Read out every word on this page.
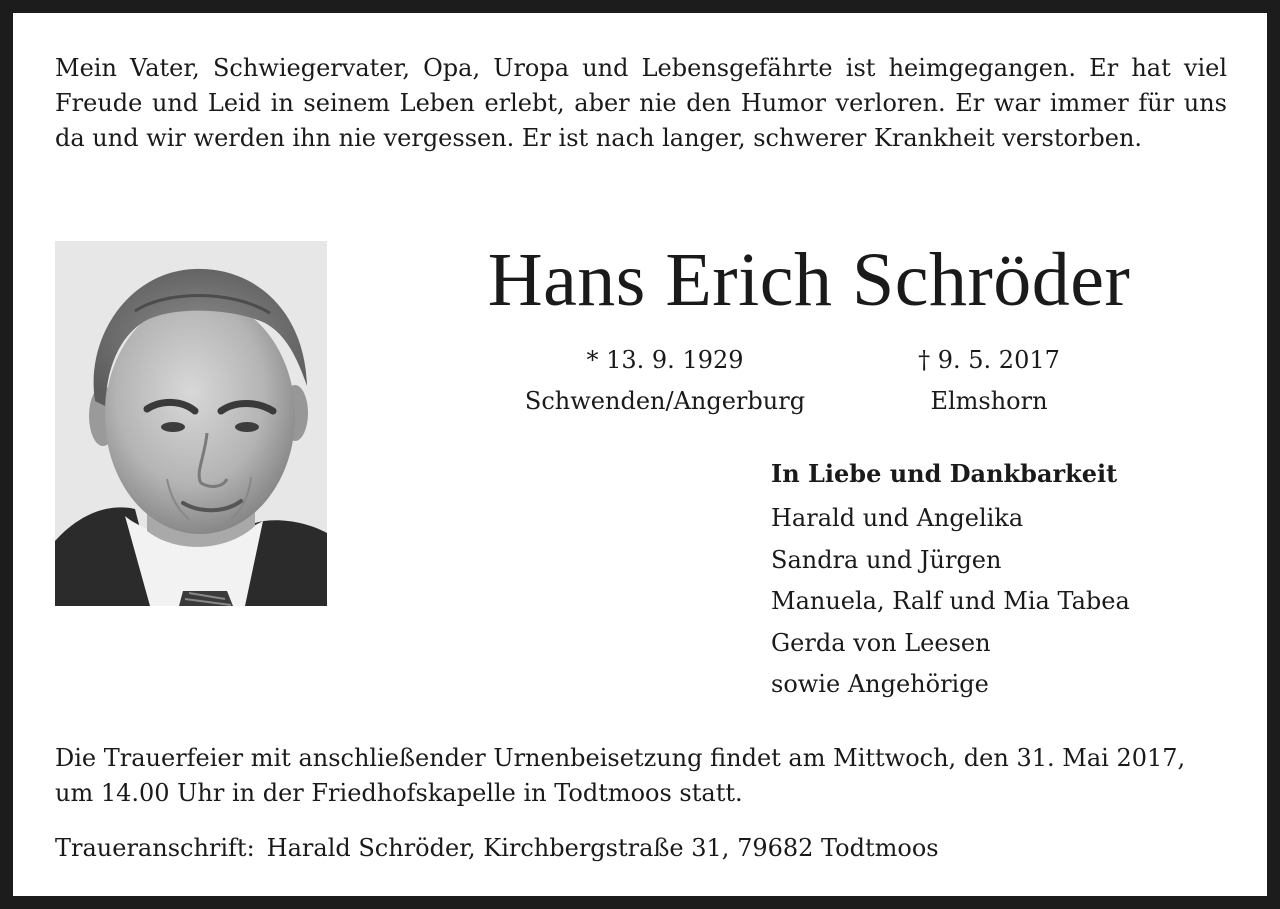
Mein Vater, Schwiegervater, Opa, Uropa und Lebensgefährte ist heimgegangen. Er hat viel Freude und Leid in seinem Leben erlebt, aber nie den Humor verloren. Er war immer für uns da und wir werden ihn nie vergessen. Er ist nach langer, schwerer Krankheit verstorben.

Hans Erich Schröder
* 13. 9. 1929
Schwenden/Angerburg
† 9. 5. 2017
Elmshorn
In Liebe und Dankbarkeit
Harald und Angelika
Sandra und Jürgen
Manuela, Ralf und Mia Tabea
Gerda von Leesen
sowie Angehörige

Die Trauerfeier mit anschließender Urnenbeisetzung findet am Mittwoch, den 31. Mai 2017, um 14.00 Uhr in der Friedhofskapelle in Todtmoos statt.

Traueranschrift: Harald Schröder, Kirchbergstraße 31, 79682 Todtmoos
